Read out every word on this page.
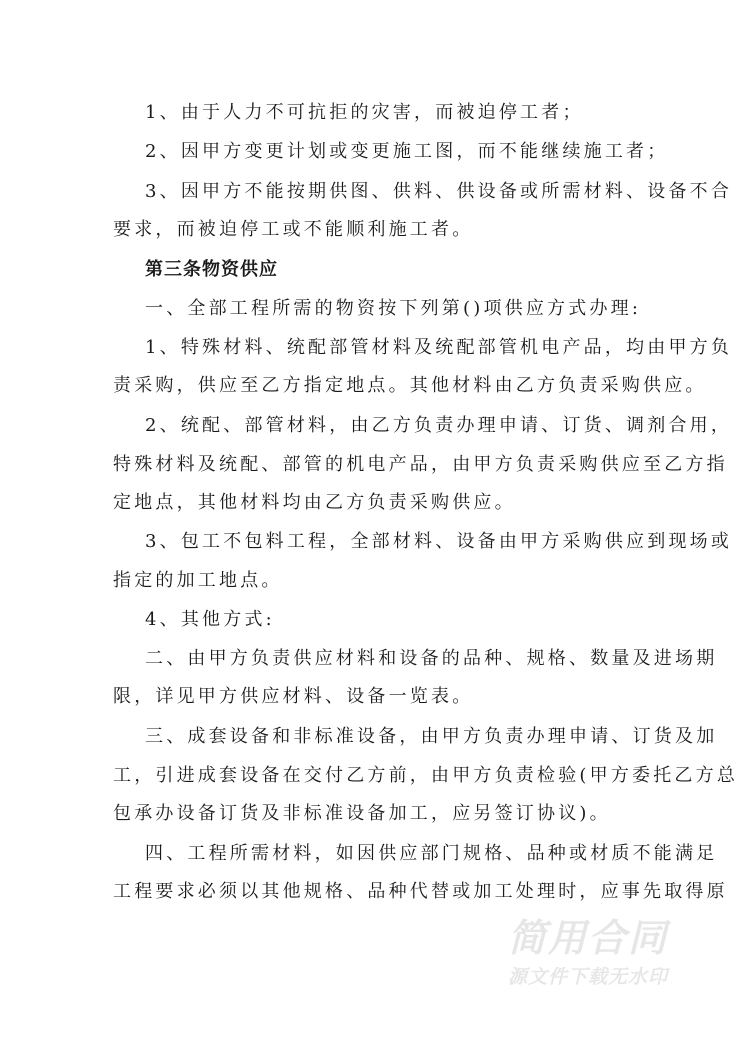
1、由于人力不可抗拒的灾害，而被迫停工者；
2、因甲方变更计划或变更施工图，而不能继续施工者；
3、因甲方不能按期供图、供料、供设备或所需材料、设备不合
要求，而被迫停工或不能顺利施工者。
第三条物资供应
一、全部工程所需的物资按下列第()项供应方式办理:
1、特殊材料、统配部管材料及统配部管机电产品，均由甲方负
责采购，供应至乙方指定地点。其他材料由乙方负责采购供应。
2、统配、部管材料，由乙方负责办理申请、订货、调剂合用，
特殊材料及统配、部管的机电产品，由甲方负责采购供应至乙方指
定地点，其他材料均由乙方负责采购供应。
3、包工不包料工程，全部材料、设备由甲方采购供应到现场或
指定的加工地点。
4、其他方式:
二、由甲方负责供应材料和设备的品种、规格、数量及进场期
限，详见甲方供应材料、设备一览表。
三、成套设备和非标准设备，由甲方负责办理申请、订货及加
工，引进成套设备在交付乙方前，由甲方负责检验(甲方委托乙方总
包承办设备订货及非标准设备加工，应另签订协议)。
四、工程所需材料，如因供应部门规格、品种或材质不能满足
工程要求必须以其他规格、品种代替或加工处理时，应事先取得原
简用合同
源文件下载无水印
